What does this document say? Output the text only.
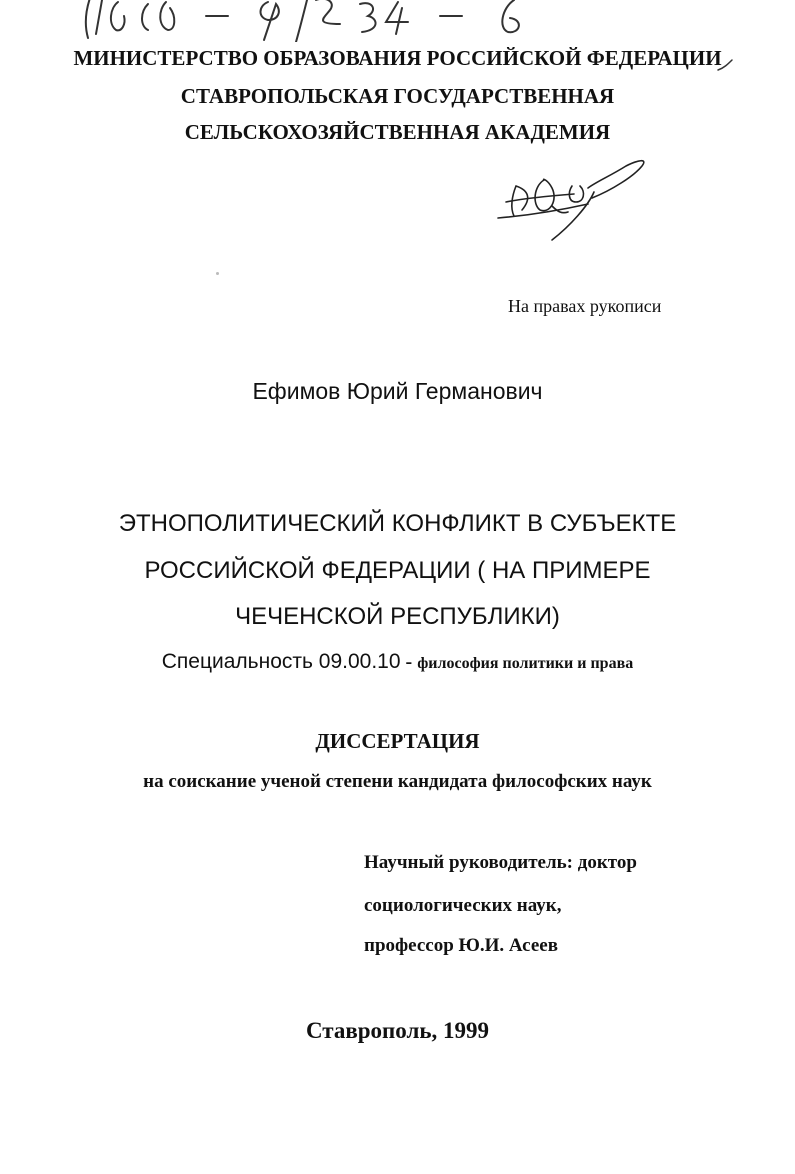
МИНИСТЕРСТВО ОБРАЗОВАНИЯ РОССИЙСКОЙ ФЕДЕРАЦИИ
СТАВРОПОЛЬСКАЯ ГОСУДАРСТВЕННАЯ
СЕЛЬСКОХОЗЯЙСТВЕННАЯ АКАДЕМИЯ
На правах рукописи
Ефимов Юрий Германович
ЭТНОПОЛИТИЧЕСКИЙ КОНФЛИКТ В СУБЪЕКТЕ
РОССИЙСКОЙ ФЕДЕРАЦИИ ( НА ПРИМЕРЕ
ЧЕЧЕНСКОЙ РЕСПУБЛИКИ)
Специальность 09.00.10 - философия политики и права
ДИССЕРТАЦИЯ
на соискание ученой степени кандидата философских наук
Научный руководитель: доктор
социологических наук,
профессор Ю.И. Асеев
Ставрополь, 1999
